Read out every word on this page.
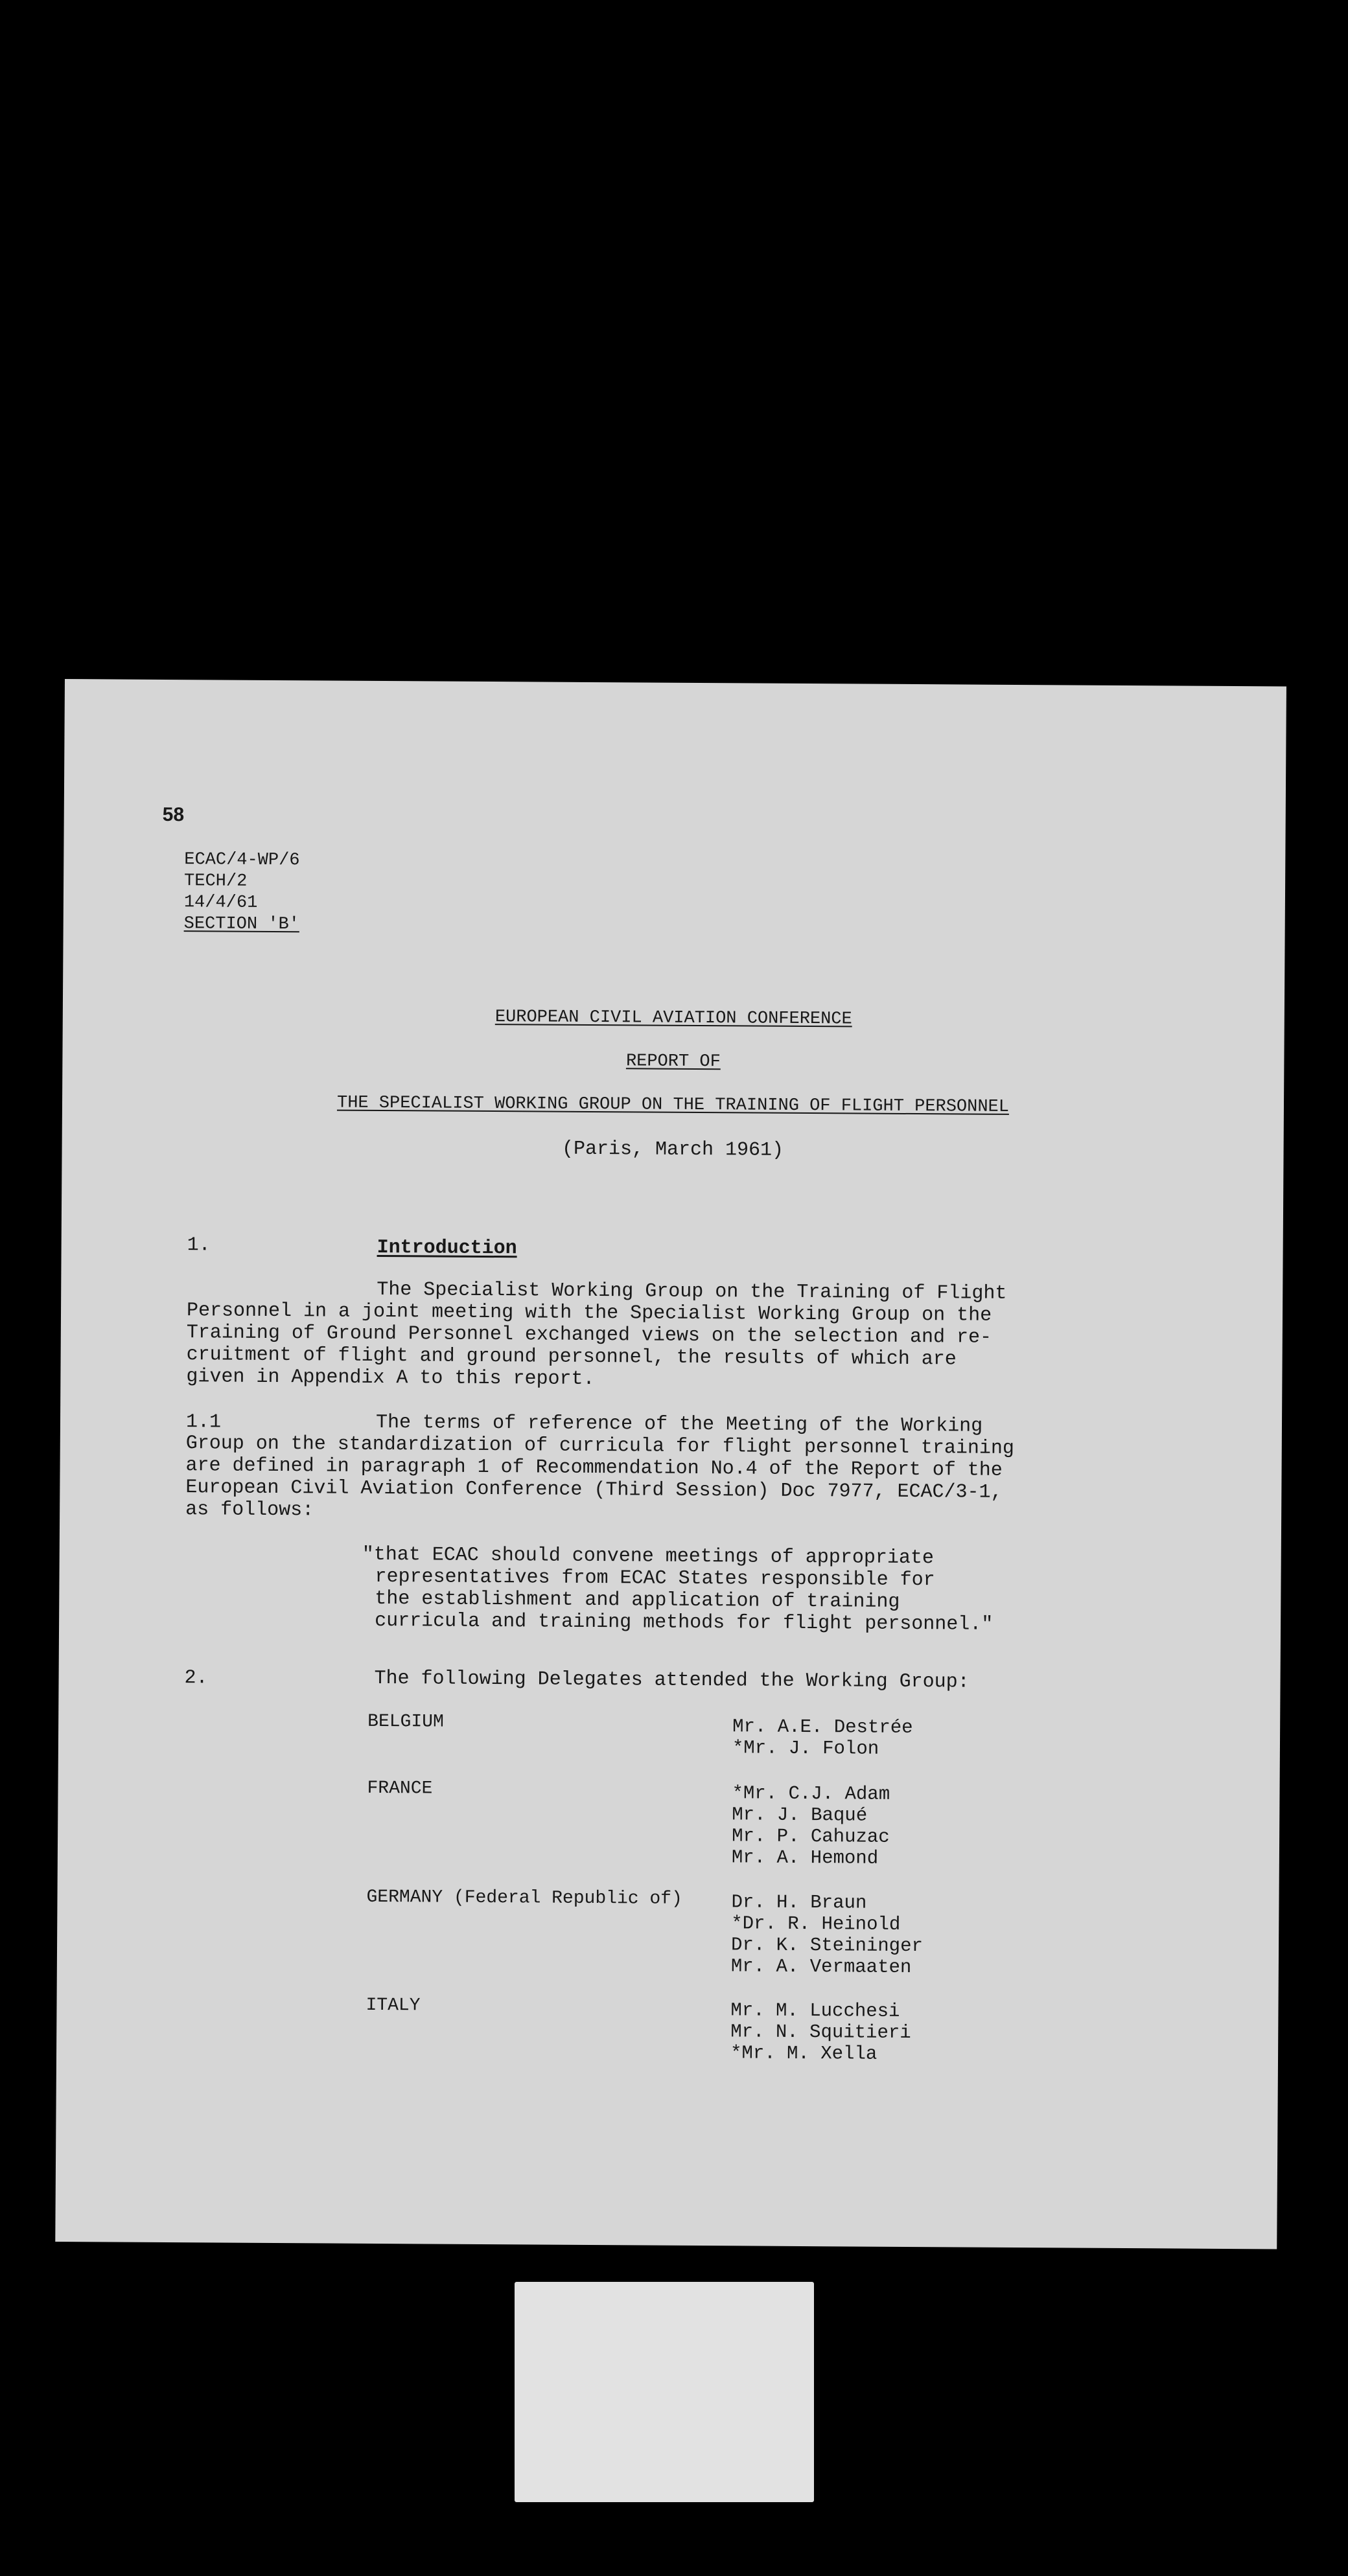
58
ECAC/4-WP/6
TECH/2
14/4/61
SECTION 'B'
EUROPEAN CIVIL AVIATION CONFERENCE
REPORT OF
THE SPECIALIST WORKING GROUP ON THE TRAINING OF FLIGHT PERSONNEL
(Paris, March 1961)
1.	Introduction
The Specialist Working Group on the Training of Flight
Personnel in a joint meeting with the Specialist Working Group on the
Training of Ground Personnel exchanged views on the selection and re-
cruitment of flight and ground personnel, the results of which are
given in Appendix A to this report.
1.1	The terms of reference of the Meeting of the Working
Group on the standardization of curricula for flight personnel training
are defined in paragraph 1 of Recommendation No.4 of the Report of the
European Civil Aviation Conference (Third Session) Doc 7977, ECAC/3-1,
as follows:
"that ECAC should convene meetings of appropriate
representatives from ECAC States responsible for
the establishment and application of training
curricula and training methods for flight personnel."
2.	The following Delegates attended the Working Group:
BELGIUM	Mr. A.E. Destrée
*Mr. J. Folon
FRANCE	*Mr. C.J. Adam
Mr. J. Baqué
Mr. P. Cahuzac
Mr. A. Hemond
GERMANY (Federal Republic of)	Dr. H. Braun
*Dr. R. Heinold
Dr. K. Steininger
Mr. A. Vermaaten
ITALY	Mr. M. Lucchesi
Mr. N. Squitieri
*Mr. M. Xella
